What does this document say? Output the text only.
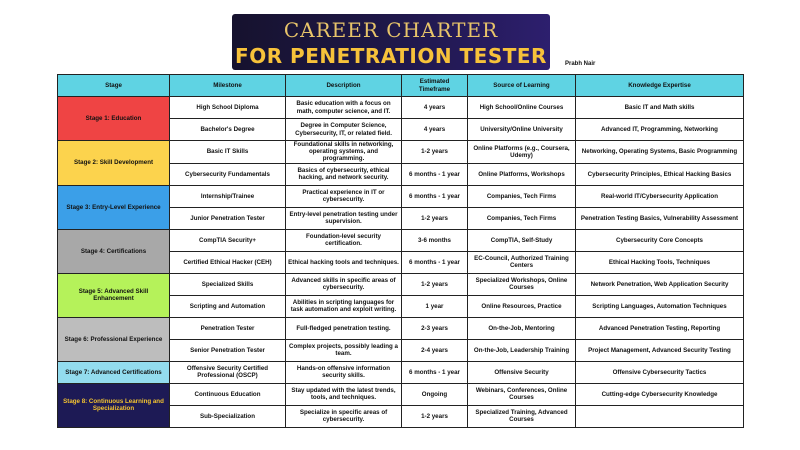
CAREER CHARTER
FOR PENETRATION TESTER	Prabh Nair
Stage	Milestone	Description	Estimated Timeframe	Source of Learning	Knowledge Expertise
Stage 1: Education	High School Diploma	Basic education with a focus on math, computer science, and IT.	4 years	High School/Online Courses	Basic IT and Math skills
	Bachelor's Degree	Degree in Computer Science, Cybersecurity, IT, or related field.	4 years	University/Online University	Advanced IT, Programming, Networking
Stage 2: Skill Development	Basic IT Skills	Foundational skills in networking, operating systems, and programming.	1-2 years	Online Platforms (e.g., Coursera, Udemy)	Networking, Operating Systems, Basic Programming
	Cybersecurity Fundamentals	Basics of cybersecurity, ethical hacking, and network security.	6 months - 1 year	Online Platforms, Workshops	Cybersecurity Principles, Ethical Hacking Basics
Stage 3: Entry-Level Experience	Internship/Trainee	Practical experience in IT or cybersecurity.	6 months - 1 year	Companies, Tech Firms	Real-world IT/Cybersecurity Application
	Junior Penetration Tester	Entry-level penetration testing under supervision.	1-2 years	Companies, Tech Firms	Penetration Testing Basics, Vulnerability Assessment
Stage 4: Certifications	CompTIA Security+	Foundation-level security certification.	3-6 months	CompTIA, Self-Study	Cybersecurity Core Concepts
	Certified Ethical Hacker (CEH)	Ethical hacking tools and techniques.	6 months - 1 year	EC-Council, Authorized Training Centers	Ethical Hacking Tools, Techniques
Stage 5: Advanced Skill Enhancement	Specialized Skills	Advanced skills in specific areas of cybersecurity.	1-2 years	Specialized Workshops, Online Courses	Network Penetration, Web Application Security
	Scripting and Automation	Abilities in scripting languages for task automation and exploit writing.	1 year	Online Resources, Practice	Scripting Languages, Automation Techniques
Stage 6: Professional Experience	Penetration Tester	Full-fledged penetration testing.	2-3 years	On-the-Job, Mentoring	Advanced Penetration Testing, Reporting
	Senior Penetration Tester	Complex projects, possibly leading a team.	2-4 years	On-the-Job, Leadership Training	Project Management, Advanced Security Testing
Stage 7: Advanced Certifications	Offensive Security Certified Professional (OSCP)	Hands-on offensive information security skills.	6 months - 1 year	Offensive Security	Offensive Cybersecurity Tactics
Stage 8: Continuous Learning and Specialization	Continuous Education	Stay updated with the latest trends, tools, and techniques.	Ongoing	Webinars, Conferences, Online Courses	Cutting-edge Cybersecurity Knowledge
	Sub-Specialization	Specialize in specific areas of cybersecurity.	1-2 years	Specialized Training, Advanced Courses	
